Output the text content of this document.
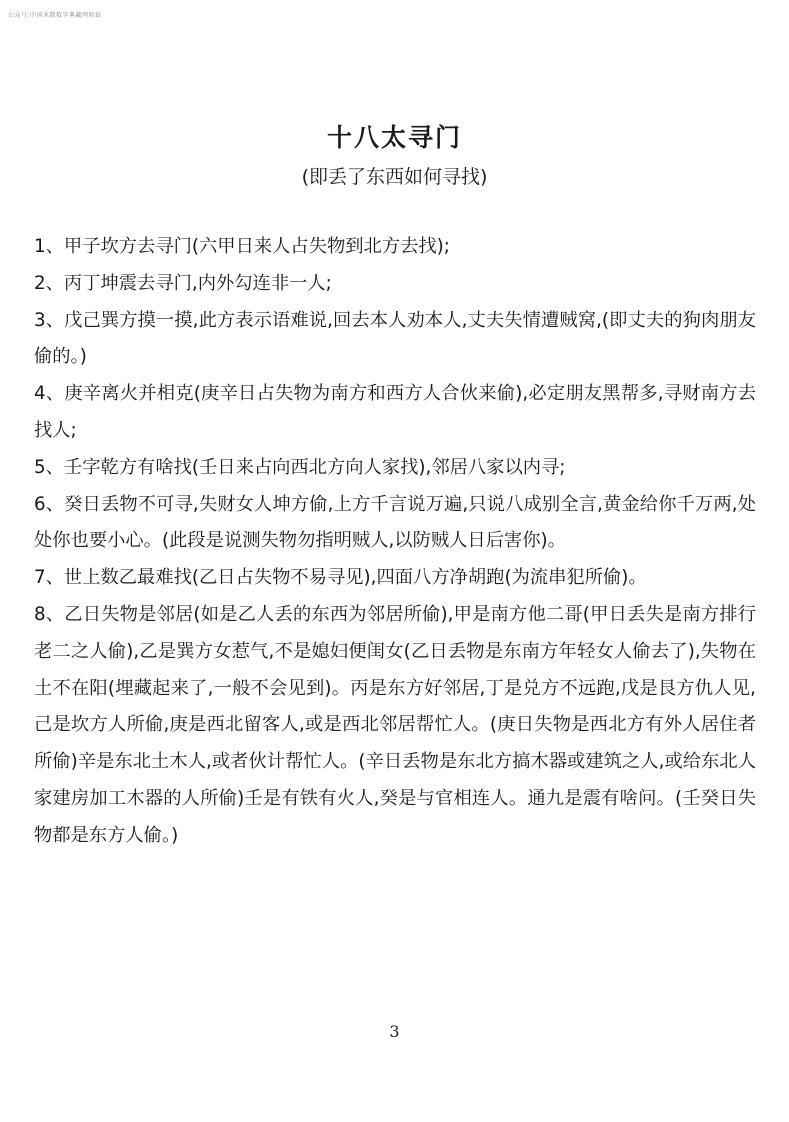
公众号:中国术数数字典藏网转载
十八太寻门
(即丢了东西如何寻找)

1、甲子坎方去寻门(六甲日来人占失物到北方去找);

2、丙丁坤震去寻门,内外勾连非一人;

3、戊己巽方摸一摸,此方表示语难说,回去本人劝本人,丈夫失情遭贼窝,(即丈夫的狗肉朋友偷的。)

4、庚辛离火并相克(庚辛日占失物为南方和西方人合伙来偷),必定朋友黑帮多,寻财南方去找人;

5、壬字乾方有啥找(壬日来占向西北方向人家找),邻居八家以内寻;

6、癸日丢物不可寻,失财女人坤方偷,上方千言说万遍,只说八成别全言,黄金给你千万两,处处你也要小心。(此段是说测失物勿指明贼人,以防贼人日后害你)。

7、世上数乙最难找(乙日占失物不易寻见),四面八方净胡跑(为流串犯所偷)。

8、乙日失物是邻居(如是乙人丢的东西为邻居所偷),甲是南方他二哥(甲日丢失是南方排行老二之人偷),乙是巽方女惹气,不是媳妇便闺女(乙日丢物是东南方年轻女人偷去了),失物在土不在阳(埋藏起来了,一般不会见到)。丙是东方好邻居,丁是兑方不远跑,戊是艮方仇人见,己是坎方人所偷,庚是西北留客人,或是西北邻居帮忙人。(庚日失物是西北方有外人居住者所偷)辛是东北土木人,或者伙计帮忙人。(辛日丢物是东北方搞木器或建筑之人,或给东北人家建房加工木器的人所偷)壬是有铁有火人,癸是与官相连人。通九是震有啥问。(壬癸日失物都是东方人偷。)

3
